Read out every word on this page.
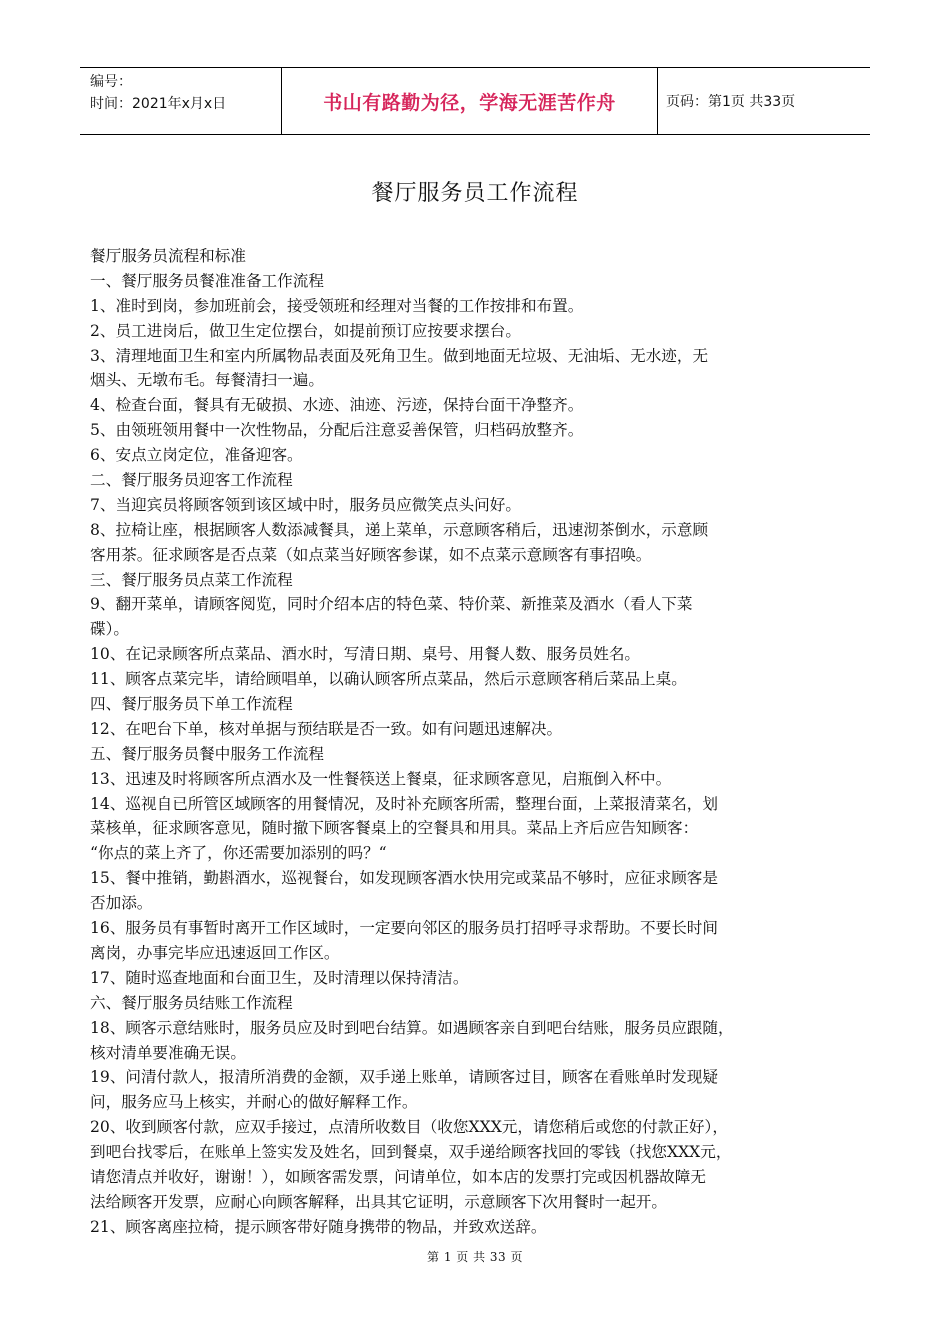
编号：
时间：2021年x月x日	书山有路勤为径，学海无涯苦作舟	页码：第1页 共33页
餐厅服务员工作流程
餐厅服务员流程和标准
一、餐厅服务员餐准准备工作流程
1、准时到岗，参加班前会，接受领班和经理对当餐的工作按排和布置。
2、员工进岗后，做卫生定位摆台，如提前预订应按要求摆台。
3、清理地面卫生和室内所属物品表面及死角卫生。做到地面无垃圾、无油垢、无水迹，无
烟头、无墩布毛。每餐清扫一遍。
4、检查台面，餐具有无破损、水迹、油迹、污迹，保持台面干净整齐。
5、由领班领用餐中一次性物品，分配后注意妥善保管，归档码放整齐。
6、安点立岗定位，准备迎客。
二、餐厅服务员迎客工作流程
7、当迎宾员将顾客领到该区域中时，服务员应微笑点头问好。
8、拉椅让座，根据顾客人数添减餐具，递上菜单，示意顾客稍后，迅速沏茶倒水，示意顾
客用茶。征求顾客是否点菜（如点菜当好顾客参谋，如不点菜示意顾客有事招唤。
三、餐厅服务员点菜工作流程
9、翻开菜单，请顾客阅览，同时介绍本店的特色菜、特价菜、新推菜及酒水（看人下菜
碟）。
10、在记录顾客所点菜品、酒水时，写清日期、桌号、用餐人数、服务员姓名。
11、顾客点菜完毕，请给顾唱单，以确认顾客所点菜品，然后示意顾客稍后菜品上桌。
四、餐厅服务员下单工作流程
12、在吧台下单，核对单据与预结联是否一致。如有问题迅速解决。
五、餐厅服务员餐中服务工作流程
13、迅速及时将顾客所点酒水及一性餐筷送上餐桌，征求顾客意见，启瓶倒入杯中。
14、巡视自已所管区域顾客的用餐情况，及时补充顾客所需，整理台面，上菜报清菜名，划
菜核单，征求顾客意见，随时撤下顾客餐桌上的空餐具和用具。菜品上齐后应告知顾客：
“你点的菜上齐了，你还需要加添别的吗？“
15、餐中推销，勤斟酒水，巡视餐台，如发现顾客酒水快用完或菜品不够时，应征求顾客是
否加添。
16、服务员有事暂时离开工作区域时，一定要向邻区的服务员打招呼寻求帮助。不要长时间
离岗，办事完毕应迅速返回工作区。
17、随时巡查地面和台面卫生，及时清理以保持清洁。
六、餐厅服务员结账工作流程
18、顾客示意结账时，服务员应及时到吧台结算。如遇顾客亲自到吧台结账，服务员应跟随，
核对清单要准确无误。
19、问清付款人，报清所消费的金额，双手递上账单，请顾客过目，顾客在看账单时发现疑
问，服务应马上核实，并耐心的做好解释工作。
20、收到顾客付款，应双手接过，点清所收数目（收您XXX元，请您稍后或您的付款正好），
到吧台找零后，在账单上签实发及姓名，回到餐桌，双手递给顾客找回的零钱（找您XXX元，
请您清点并收好，谢谢！），如顾客需发票，问请单位，如本店的发票打完或因机器故障无
法给顾客开发票，应耐心向顾客解释，出具其它证明，示意顾客下次用餐时一起开。
21、顾客离座拉椅，提示顾客带好随身携带的物品，并致欢送辞。
第 1 页 共 33 页
